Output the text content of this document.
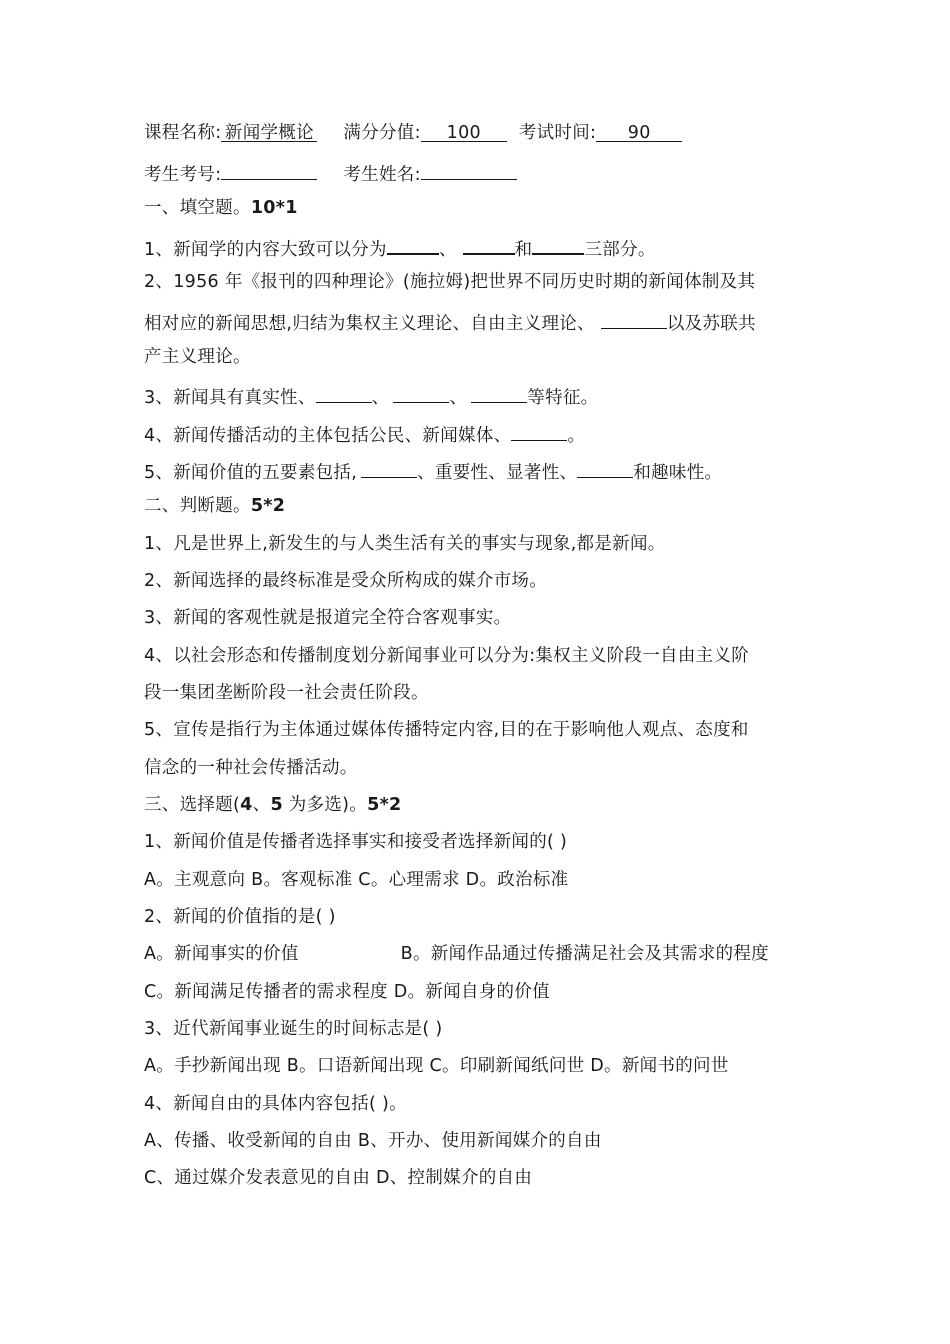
课程名称: 新闻学概论 满分分值: 100 考试时间: 90
考生考号:	考生姓名:
一、填空题。10*1
1、新闻学的内容大致可以分为	、	和	三部分。
2、1956 年《报刊的四种理论》(施拉姆)把世界不同历史时期的新闻体制及其
相对应的新闻思想,归结为集权主义理论、自由主义理论、	以及苏联共
产主义理论。
3、新闻具有真实性、	、	、	等特征。
4、新闻传播活动的主体包括公民、新闻媒体、	。
5、新闻价值的五要素包括,	、重要性、显著性、	和趣味性。
二、判断题。5*2
1、凡是世界上,新发生的与人类生活有关的事实与现象,都是新闻。
2、新闻选择的最终标准是受众所构成的媒介市场。
3、新闻的客观性就是报道完全符合客观事实。
4、以社会形态和传播制度划分新闻事业可以分为:集权主义阶段一自由主义阶
段一集团垄断阶段一社会责任阶段。
5、宣传是指行为主体通过媒体传播特定内容,目的在于影响他人观点、态度和
信念的一种社会传播活动。
三、选择题(4、5 为多选)。5*2
1、新闻价值是传播者选择事实和接受者选择新闻的( )
A。主观意向 B。客观标准 C。心理需求 D。政治标准
2、新闻的价值指的是( )
A。新闻事实的价值	B。新闻作品通过传播满足社会及其需求的程度
C。新闻满足传播者的需求程度 D。新闻自身的价值
3、近代新闻事业诞生的时间标志是( )
A。手抄新闻出现 B。口语新闻出现 C。印刷新闻纸问世 D。新闻书的问世
4、新闻自由的具体内容包括( )。
A、传播、收受新闻的自由 B、开办、使用新闻媒介的自由
C、通过媒介发表意见的自由 D、控制媒介的自由
